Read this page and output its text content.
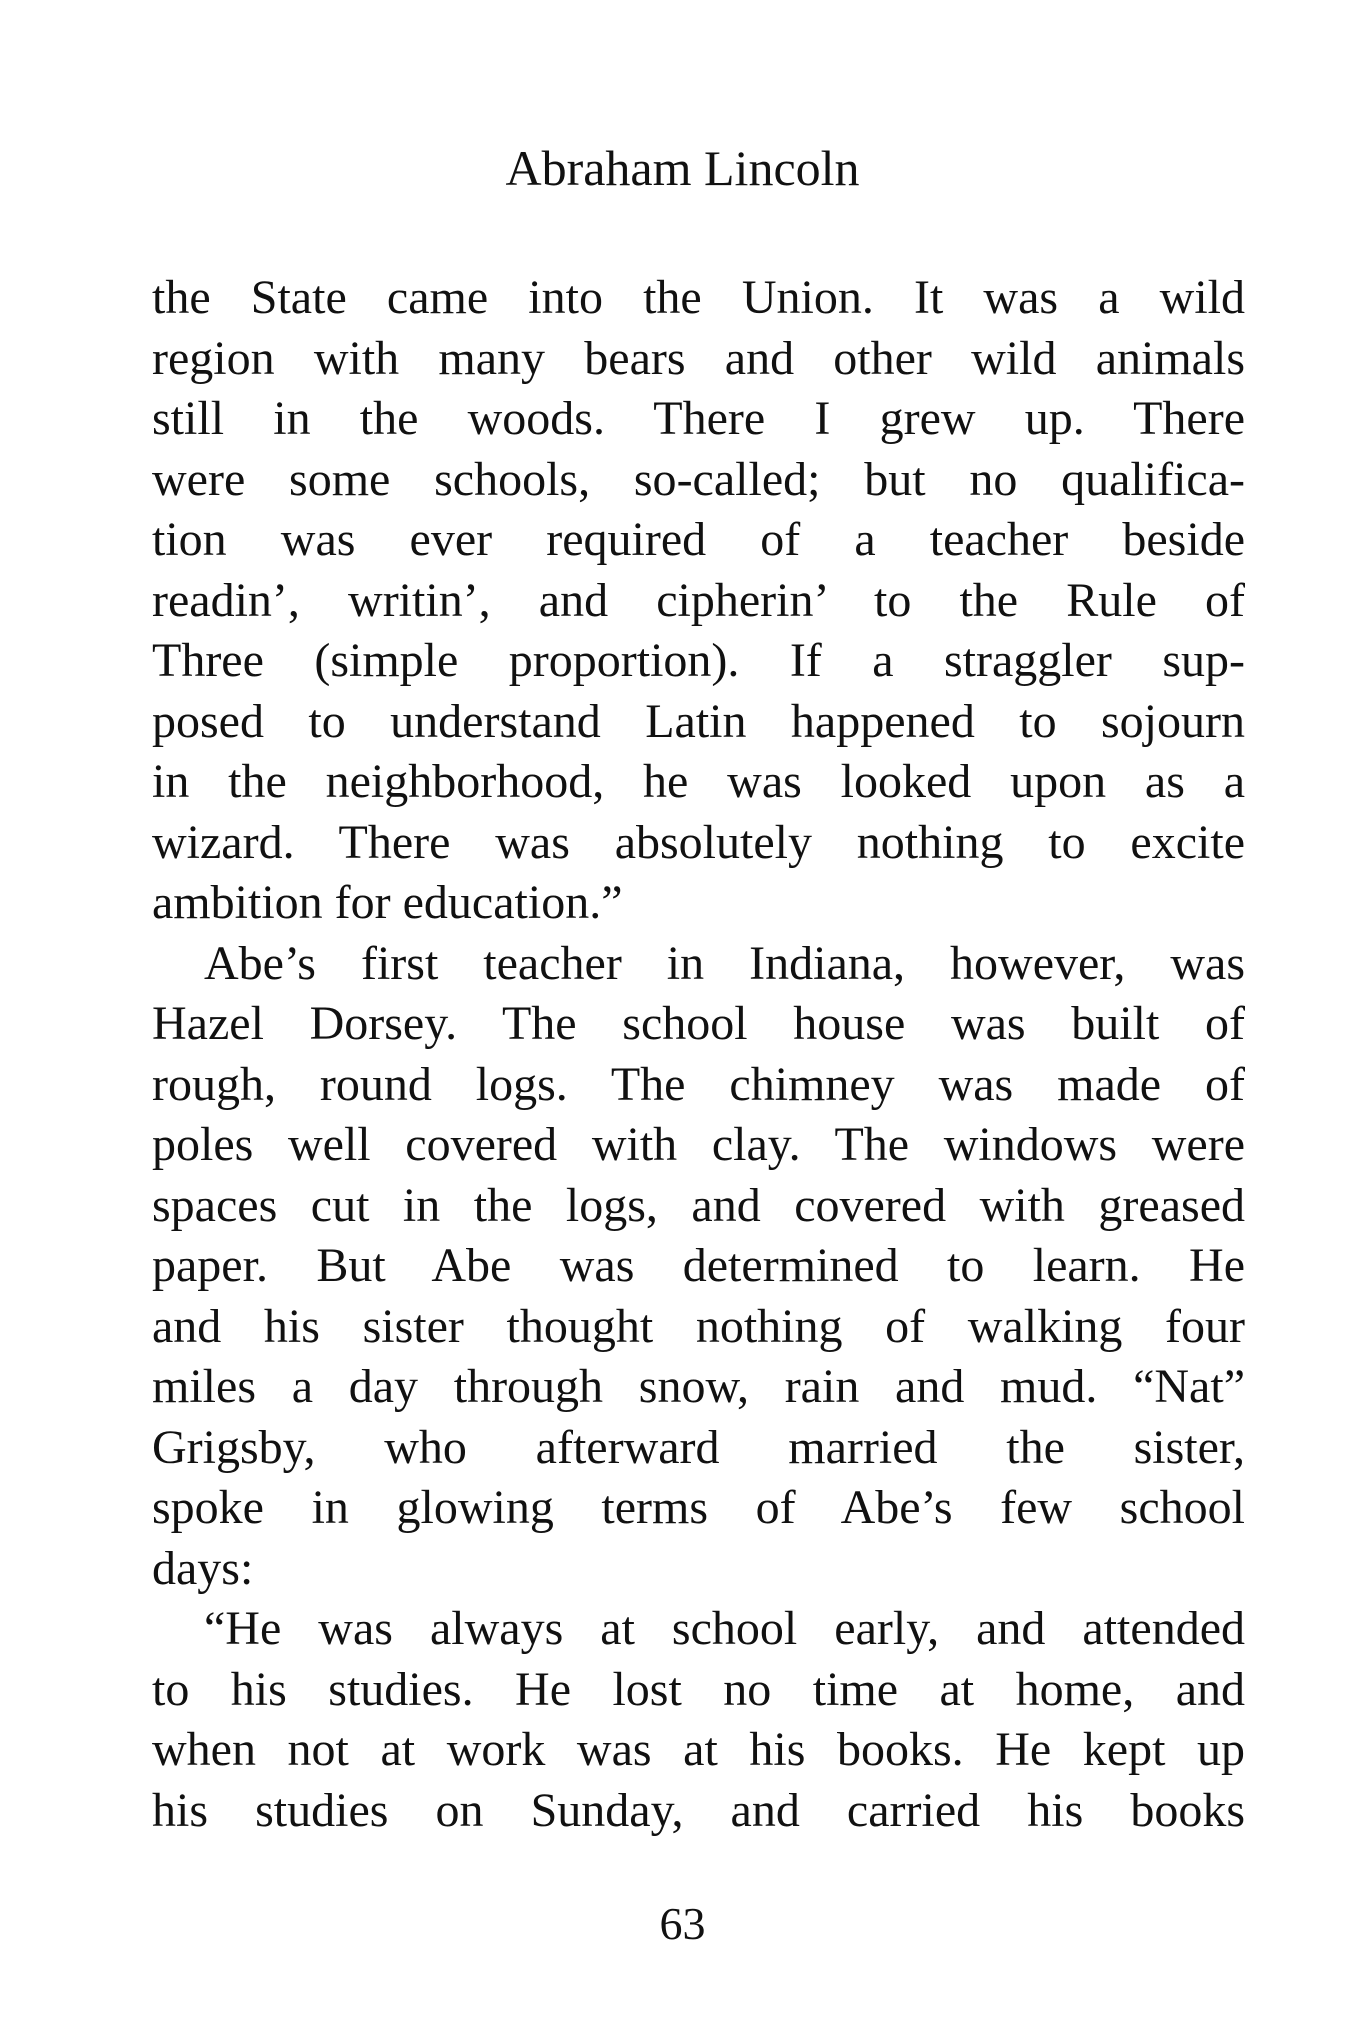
Abraham Lincoln
the State came into the Union. It was a wild
region with many bears and other wild animals
still in the woods. There I grew up. There
were some schools, so-called; but no qualifica-
tion was ever required of a teacher beside
readin’, writin’, and cipherin’ to the Rule of
Three (simple proportion). If a straggler sup-
posed to understand Latin happened to sojourn
in the neighborhood, he was looked upon as a
wizard. There was absolutely nothing to excite
ambition for education.”
Abe’s first teacher in Indiana, however, was
Hazel Dorsey. The school house was built of
rough, round logs. The chimney was made of
poles well covered with clay. The windows were
spaces cut in the logs, and covered with greased
paper. But Abe was determined to learn. He
and his sister thought nothing of walking four
miles a day through snow, rain and mud. “Nat”
Grigsby, who afterward married the sister,
spoke in glowing terms of Abe’s few school
days:
“He was always at school early, and attended
to his studies. He lost no time at home, and
when not at work was at his books. He kept up
his studies on Sunday, and carried his books
63
